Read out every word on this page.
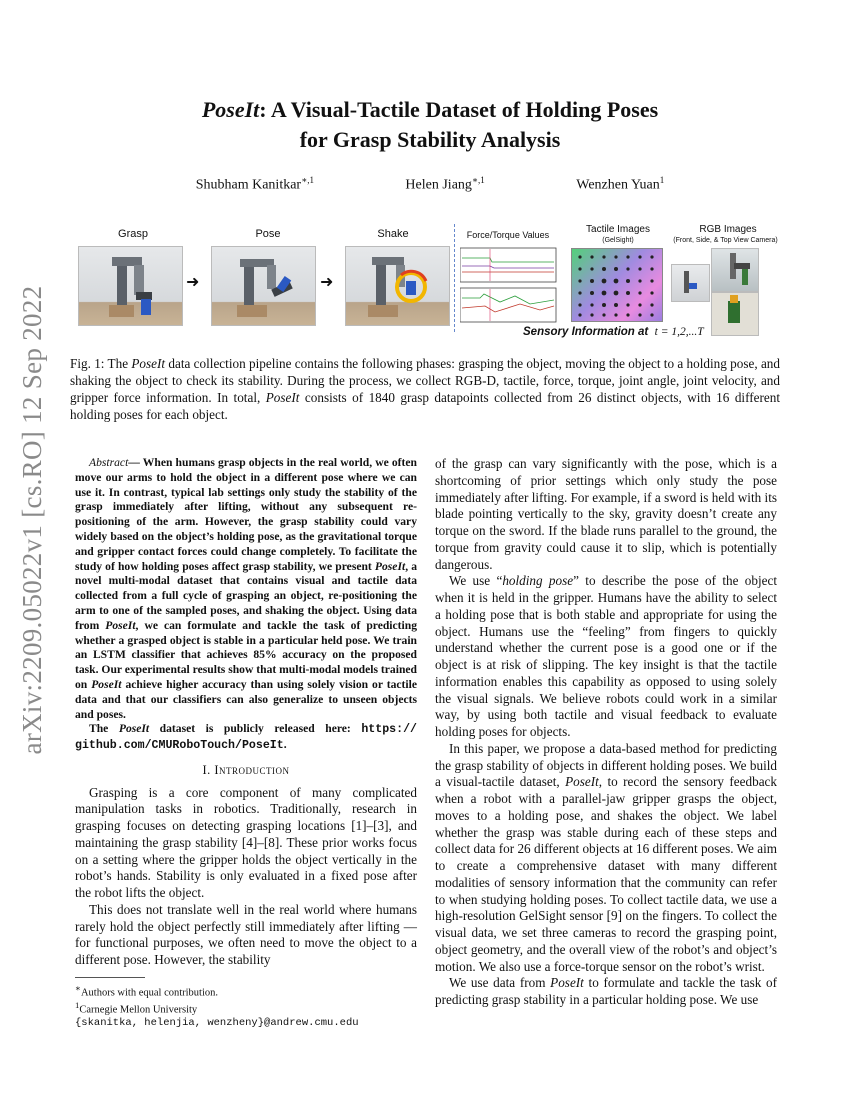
arXiv:2209.05022v1 [cs.RO] 12 Sep 2022
PoseIt: A Visual-Tactile Dataset of Holding Poses
for Grasp Stability Analysis
Shubham Kanitkar$^{∗,1}$	Helen Jiang$^{∗,1}$	Wenzhen Yuan$^1$
Grasp	Pose	Shake
➜	➜
Force/Torque Values	Tactile Images
(GelSight)
RGB Images
(Front, Side, & Top View Camera)
Sensory Information at t = 1,2,...T
Fig. 1: The PoseIt data collection pipeline contains the following phases: grasping the object, moving the object to a holding pose, and shaking the object to check its stability. During the process, we collect RGB-D, tactile, force, torque, joint angle, joint velocity, and gripper force information. In total, PoseIt consists of 1840 grasp datapoints collected from 26 distinct objects, with 16 different holding poses for each object.

Abstract— When humans grasp objects in the real world, we often move our arms to hold the object in a different pose where we can use it. In contrast, typical lab settings only study the stability of the grasp immediately after lifting, without any subsequent re-positioning of the arm. However, the grasp stability could vary widely based on the object’s holding pose, as the gravitational torque and gripper contact forces could change completely. To facilitate the study of how holding poses affect grasp stability, we present PoseIt, a novel multi-modal dataset that contains visual and tactile data collected from a full cycle of grasping an object, re-positioning the arm to one of the sampled poses, and shaking the object. Using data from PoseIt, we can formulate and tackle the task of predicting whether a grasped object is stable in a particular held pose. We train an LSTM classifier that achieves 85% accuracy on the proposed task. Our experimental results show that multi-modal models trained on PoseIt achieve higher accuracy than using solely vision or tactile data and that our classifiers can also generalize to unseen objects and poses.

The PoseIt dataset is publicly released here: https:// github.com/CMURoboTouch/PoseIt.

I. Introduction

Grasping is a core component of many complicated manipulation tasks in robotics. Traditionally, research in grasping focuses on detecting grasping locations [1]–[3], and maintaining the grasp stability [4]–[8]. These prior works focus on a setting where the gripper holds the object vertically in the robot’s hands. Stability is only evaluated in a fixed pose after the robot lifts the object.

This does not translate well in the real world where humans rarely hold the object perfectly still immediately after lifting — for functional purposes, we often need to move the object to a different pose. However, the stability

∗Authors with equal contribution.
$^1$Carnegie Mellon University
{skanitka, helenjia, wenzheny}@andrew.cmu.edu

of the grasp can vary significantly with the pose, which is a shortcoming of prior settings which only study the pose immediately after lifting. For example, if a sword is held with its blade pointing vertically to the sky, gravity doesn’t create any torque on the sword. If the blade runs parallel to the ground, the torque from gravity could cause it to slip, which is potentially dangerous.

We use “holding pose” to describe the pose of the object when it is held in the gripper. Humans have the ability to select a holding pose that is both stable and appropriate for using the object. Humans use the “feeling” from fingers to quickly understand whether the current pose is a good one or if the object is at risk of slipping. The key insight is that the tactile information enables this capability as opposed to using solely the visual signals. We believe robots could work in a similar way, by using both tactile and visual feedback to evaluate holding poses for objects.

In this paper, we propose a data-based method for predicting the grasp stability of objects in different holding poses. We build a visual-tactile dataset, PoseIt, to record the sensory feedback when a robot with a parallel-jaw gripper grasps the object, moves to a holding pose, and shakes the object. We label whether the grasp was stable during each of these steps and collect data for 26 different objects at 16 different poses. We aim to create a comprehensive dataset with many different modalities of sensory information that the community can refer to when studying holding poses. To collect tactile data, we use a high-resolution GelSight sensor [9] on the fingers. To collect the visual data, we set three cameras to record the grasping point, object geometry, and the overall view of the robot’s and object’s motion. We also use a force-torque sensor on the robot’s wrist.

We use data from PoseIt to formulate and tackle the task of predicting grasp stability in a particular holding pose. We use
